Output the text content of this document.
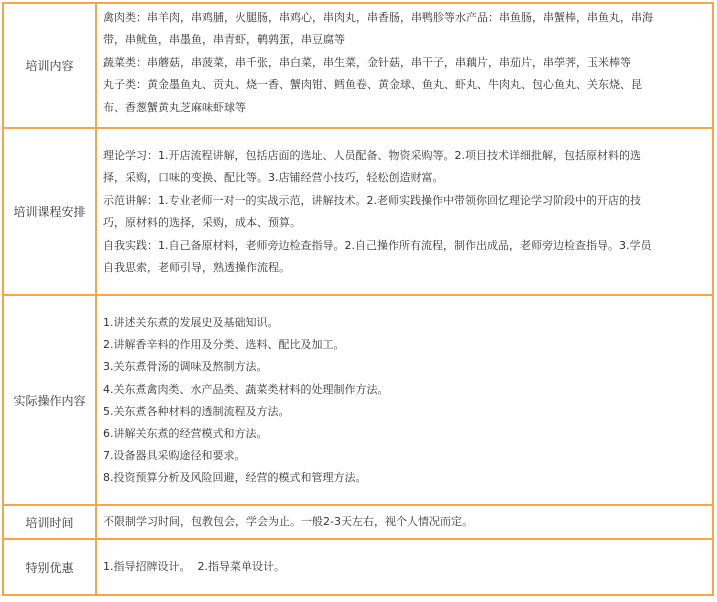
培训内容
禽肉类：串羊肉，串鸡脯，火腿肠，串鸡心，串肉丸，串香肠，串鸭胗等水产品：串鱼肠，串蟹棒，串鱼丸，串海
带，串鱿鱼，串墨鱼，串青虾，鹌鹑蛋，串豆腐等
蔬菜类：串蘑菇，串菠菜，串千张，串白菜，串生菜，金针菇，串干子，串藕片，串茄片，串荸荠，玉米棒等
丸子类：黄金墨鱼丸、贡丸、烧一香、蟹肉钳、鳕鱼卷、黄金球、鱼丸、虾丸、牛肉丸、包心鱼丸、关东烧、昆
布、香葱蟹黄丸芝麻味虾球等
培训课程安排
理论学习：1.开店流程讲解，包括店面的选址、人员配备、物资采购等。2.项目技术详细批解，包括原材料的选
择，采购，口味的变换、配比等。3.店铺经营小技巧，轻松创造财富。
示范讲解：1.专业老师一对一的实战示范，讲解技术。2.老师实践操作中带领你回忆理论学习阶段中的开店的技
巧，原材料的选择，采购，成本、预算。
自我实践：1.自己备原材料，老师旁边检查指导。2.自己操作所有流程，制作出成品，老师旁边检查指导。3.学员
自我思索，老师引导，熟透操作流程。
实际操作内容
1.讲述关东煮的发展史及基础知识。
2.讲解香辛料的作用及分类、选料、配比及加工。
3.关东煮骨汤的调味及熬制方法。
4.关东煮禽肉类、水产品类、蔬菜类材料的处理制作方法。
5.关东煮各种材料的透制流程及方法。
6.讲解关东煮的经营模式和方法。
7.设备器具采购途径和要求。
8.投资预算分析及风险回避，经营的模式和管理方法。
培训时间	不限制学习时间，包教包会，学会为止。一般2-3天左右，视个人情况而定。
特别优惠	1.指导招牌设计。  2.指导菜单设计。
